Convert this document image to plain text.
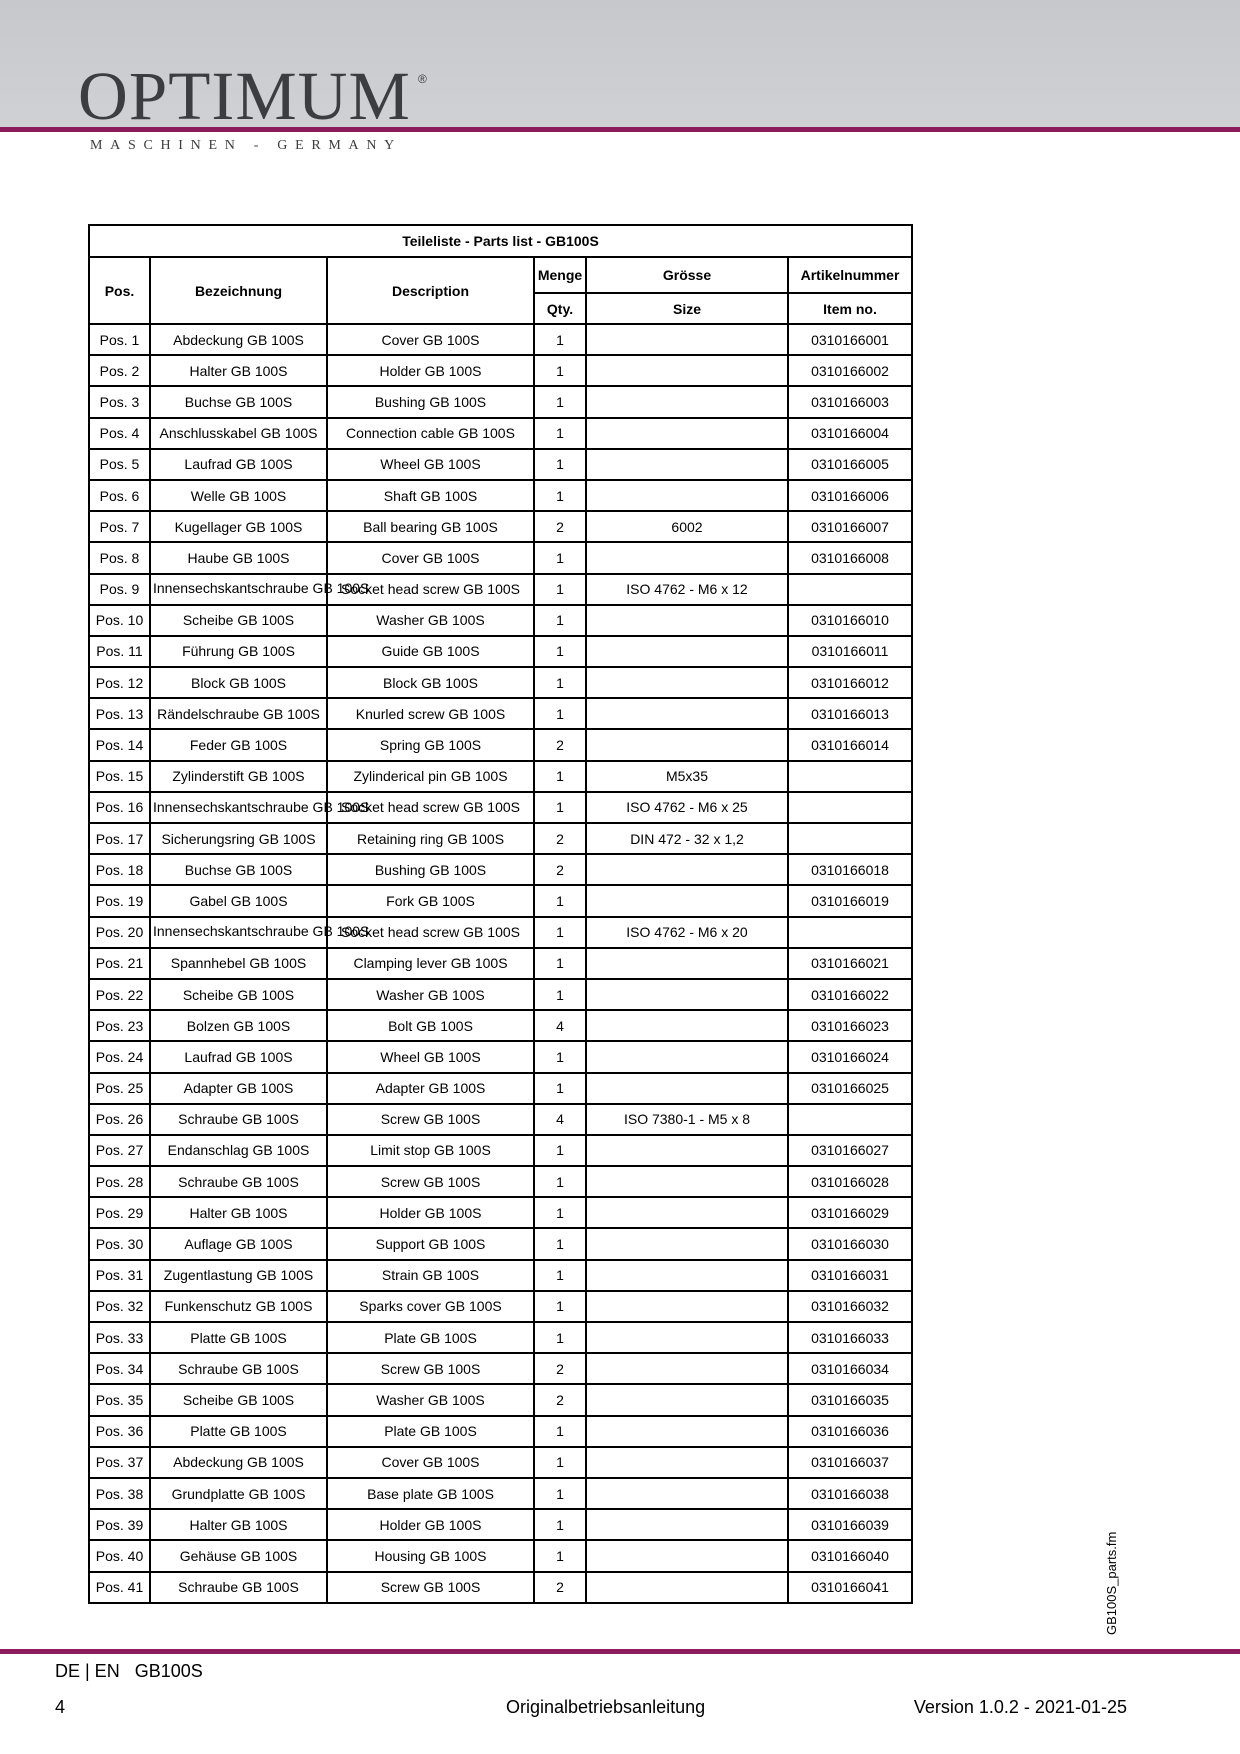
OPTIMUM ®
MASCHINEN - GERMANY
Teileliste - Parts list - GB100S					
Pos.	Bezeichnung	Description	Menge	Grösse	Artikelnummer
			Qty.	Size	Item no.
Pos. 1	Abdeckung GB 100S	Cover GB 100S	1		0310166001
Pos. 2	Halter GB 100S	Holder GB 100S	1		0310166002
Pos. 3	Buchse GB 100S	Bushing GB 100S	1		0310166003
Pos. 4	Anschlusskabel GB 100S	Connection cable GB 100S	1		0310166004
Pos. 5	Laufrad GB 100S	Wheel GB 100S	1		0310166005
Pos. 6	Welle GB 100S	Shaft GB 100S	1		0310166006
Pos. 7	Kugellager GB 100S	Ball bearing GB 100S	2	6002	0310166007
Pos. 8	Haube GB 100S	Cover GB 100S	1		0310166008
Pos. 9	Innensechskantschraube GB 100S	Socket head screw GB 100S	1	ISO 4762 - M6 x 12	
Pos. 10	Scheibe GB 100S	Washer GB 100S	1		0310166010
Pos. 11	Führung GB 100S	Guide GB 100S	1		0310166011
Pos. 12	Block GB 100S	Block GB 100S	1		0310166012
Pos. 13	Rändelschraube GB 100S	Knurled screw GB 100S	1		0310166013
Pos. 14	Feder GB 100S	Spring GB 100S	2		0310166014
Pos. 15	Zylinderstift GB 100S	Zylinderical pin GB 100S	1	M5x35	
Pos. 16	Innensechskantschraube GB 100S	Socket head screw GB 100S	1	ISO 4762 - M6 x 25	
Pos. 17	Sicherungsring GB 100S	Retaining ring GB 100S	2	DIN 472 - 32 x 1,2	
Pos. 18	Buchse GB 100S	Bushing GB 100S	2		0310166018
Pos. 19	Gabel GB 100S	Fork GB 100S	1		0310166019
Pos. 20	Innensechskantschraube GB 100S	Socket head screw GB 100S	1	ISO 4762 - M6 x 20	
Pos. 21	Spannhebel GB 100S	Clamping lever GB 100S	1		0310166021
Pos. 22	Scheibe GB 100S	Washer GB 100S	1		0310166022
Pos. 23	Bolzen GB 100S	Bolt GB 100S	4		0310166023
Pos. 24	Laufrad GB 100S	Wheel GB 100S	1		0310166024
Pos. 25	Adapter GB 100S	Adapter GB 100S	1		0310166025
Pos. 26	Schraube GB 100S	Screw GB 100S	4	ISO 7380-1 - M5 x 8	
Pos. 27	Endanschlag GB 100S	Limit stop GB 100S	1		0310166027
Pos. 28	Schraube GB 100S	Screw GB 100S	1		0310166028
Pos. 29	Halter GB 100S	Holder GB 100S	1		0310166029
Pos. 30	Auflage GB 100S	Support GB 100S	1		0310166030
Pos. 31	Zugentlastung GB 100S	Strain GB 100S	1		0310166031
Pos. 32	Funkenschutz GB 100S	Sparks cover GB 100S	1		0310166032
Pos. 33	Platte GB 100S	Plate GB 100S	1		0310166033
Pos. 34	Schraube GB 100S	Screw GB 100S	2		0310166034
Pos. 35	Scheibe GB 100S	Washer GB 100S	2		0310166035
Pos. 36	Platte GB 100S	Plate GB 100S	1		0310166036
Pos. 37	Abdeckung GB 100S	Cover GB 100S	1		0310166037
Pos. 38	Grundplatte GB 100S	Base plate GB 100S	1		0310166038
Pos. 39	Halter GB 100S	Holder GB 100S	1		0310166039
Pos. 40	Gehäuse GB 100S	Housing GB 100S	1		0310166040
Pos. 41	Schraube GB 100S	Screw GB 100S	2		0310166041	GB100S_parts.fm
DE | EN GB100S
4	Originalbetriebsanleitung	Version 1.0.2 - 2021-01-25
